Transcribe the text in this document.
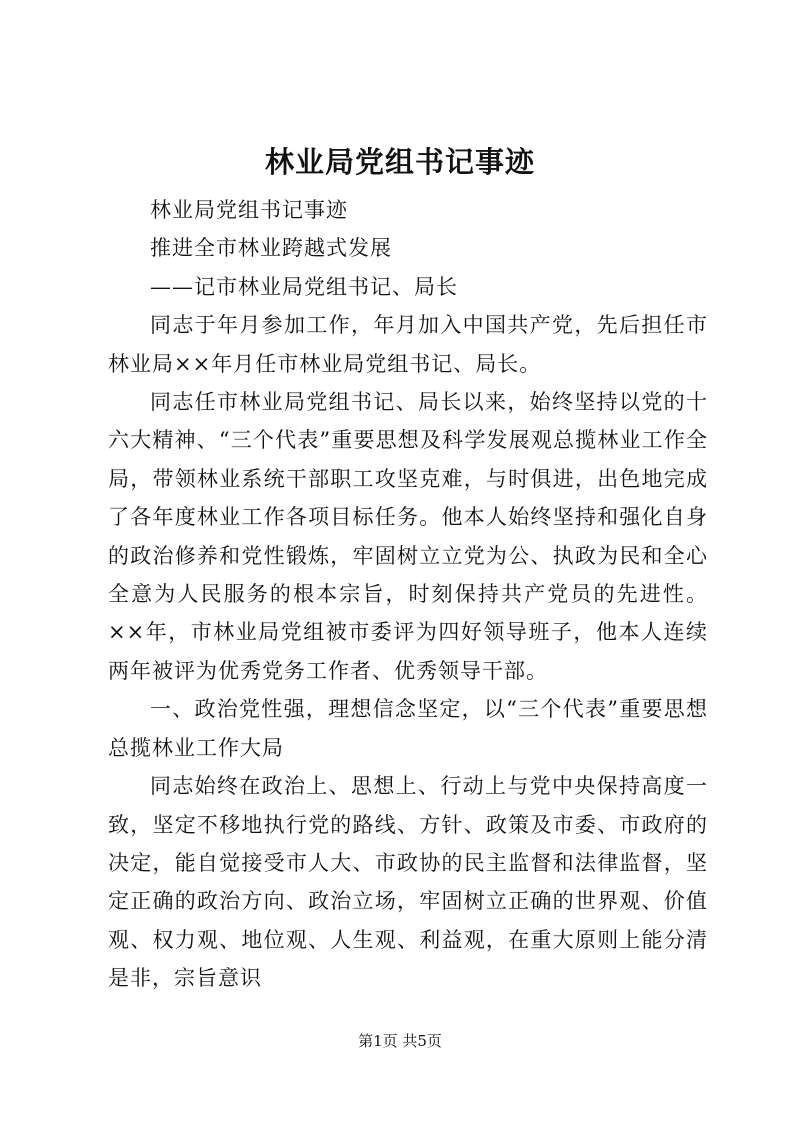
林业局党组书记事迹

林业局党组书记事迹

推进全市林业跨越式发展

——记市林业局党组书记、局长

同志于年月参加工作，年月加入中国共产党，先后担任市林业局××年月任市林业局党组书记、局长。

同志任市林业局党组书记、局长以来，始终坚持以党的十六大精神、“三个代表”重要思想及科学发展观总揽林业工作全局，带领林业系统干部职工攻坚克难，与时俱进，出色地完成了各年度林业工作各项目标任务。他本人始终坚持和强化自身的政治修养和党性锻炼，牢固树立立党为公、执政为民和全心全意为人民服务的根本宗旨，时刻保持共产党员的先进性。××年，市林业局党组被市委评为四好领导班子，他本人连续两年被评为优秀党务工作者、优秀领导干部。

一、政治党性强，理想信念坚定，以“三个代表”重要思想总揽林业工作大局

同志始终在政治上、思想上、行动上与党中央保持高度一致，坚定不移地执行党的路线、方针、政策及市委、市政府的决定，能自觉接受市人大、市政协的民主监督和法律监督，坚定正确的政治方向、政治立场，牢固树立正确的世界观、价值观、权力观、地位观、人生观、利益观，在重大原则上能分清是非，宗旨意识

第1页 共5页
